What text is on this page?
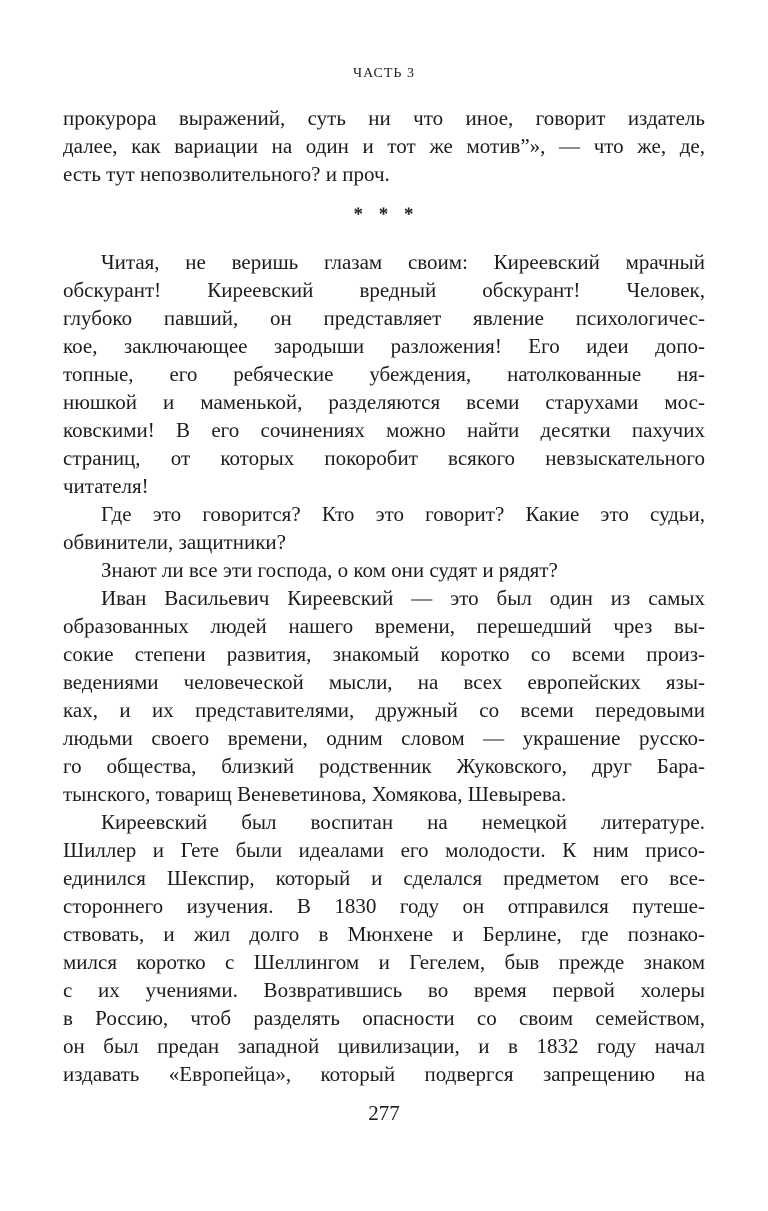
ЧАСТЬ 3
прокурора выражений, суть ни что иное, говорит издатель
далее, как вариации на один и тот же мотив”», — что же, де,
есть тут непозволительного? и проч.
* * *
Читая, не веришь глазам своим: Киреевский мрачный
обскурант! Киреевский вредный обскурант! Человек,
глубоко павший, он представляет явление психологичес-
кое, заключающее зародыши разложения! Его идеи допо-
топные, его ребяческие убеждения, натолкованные ня-
нюшкой и маменькой, разделяются всеми старухами мос-
ковскими! В его сочинениях можно найти десятки пахучих
страниц, от которых покоробит всякого невзыскательного
читателя!
Где это говорится? Кто это говорит? Какие это судьи,
обвинители, защитники?
Знают ли все эти господа, о ком они судят и рядят?
Иван Васильевич Киреевский — это был один из самых
образованных людей нашего времени, перешедший чрез вы-
сокие степени развития, знакомый коротко со всеми произ-
ведениями человеческой мысли, на всех европейских язы-
ках, и их представителями, дружный со всеми передовыми
людьми своего времени, одним словом — украшение русско-
го общества, близкий родственник Жуковского, друг Бара-
тынского, товарищ Веневетинова, Хомякова, Шевырева.
Киреевский был воспитан на немецкой литературе.
Шиллер и Гете были идеалами его молодости. К ним присо-
единился Шекспир, который и сделался предметом его все-
стороннего изучения. В 1830 году он отправился путеше-
ствовать, и жил долго в Мюнхене и Берлине, где познако-
мился коротко с Шеллингом и Гегелем, быв прежде знаком
с их учениями. Возвратившись во время первой холеры
в Россию, чтоб разделять опасности со своим семейством,
он был предан западной цивилизации, и в 1832 году начал
издавать «Европейца», который подвергся запрещению на
277
